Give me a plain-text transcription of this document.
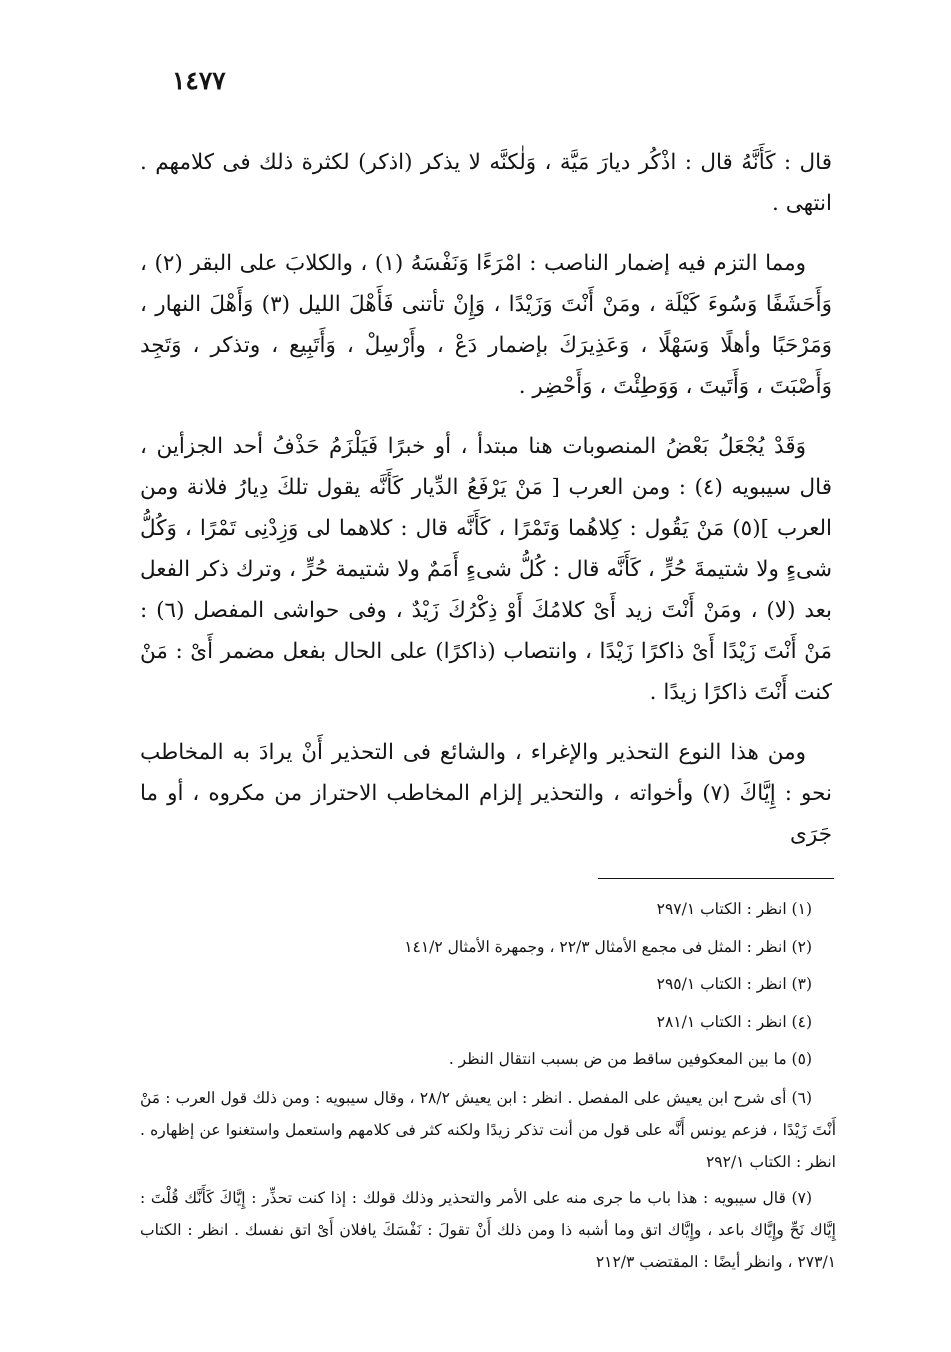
١٤٧٧

قال : كَأَنَّهُ قال : اذْكُر ديارَ مَيَّة ، وَلٰكنَّه لا يذكر (اذكر) لكثرة ذلك فى كلامهم . انتهى .

ومما التزم فيه إضمار الناصب : امْرَءًا وَنَفْسَهُ (١) ، والكلابَ على البقر (٢) ، وَأَحَشَفًا وَسُوءَ كَيْلَة ، ومَنْ أَنْتَ وَزَيْدًا ، وَإِنْ تأتنى فَأَهْلَ الليل (٣) وَأَهْلَ النهار ، وَمَرْحَبًا وأهلًا وَسَهْلًا ، وَعَذِيرَكَ بإضمار دَعْ ، وأَرْسِلْ ، وَأَتَبِيع ، وتذكر ، وَتَجِد وَأَصْبَتَ ، وَأَتَيتَ ، وَوَطِئْتَ ، وَأَحْضِر .

وَقَدْ يُجْعَلُ بَعْضُ المنصوبات هنا مبتدأ ، أو خبرًا فَيَلْزَمُ حَذْفُ أحد الجزأين ، قال سيبويه (٤) : ومن العرب [ مَنْ يَرْفَعُ الدِّيار كَأَنَّه يقول تلكَ دِيارُ فلانة ومن العرب ](٥) مَنْ يَقُول : كِلاهُما وَتَمْرًا ، كَأَنَّه قال : كلاهما لى وَزِدْنِى تَمْرًا ، وَكُلُّ شىءٍ ولا شتيمةَ حُرٍّ ، كَأَنَّه قال : كُلُّ شىءٍ أَمَمٌ ولا شتيمة حُرٍّ ، وترك ذكر الفعل بعد (لا) ، ومَنْ أَنْتَ زيد أَىْ كلامُكَ أَوْ ذِكْرُكَ زَيْدٌ ، وفى حواشى المفصل (٦) : مَنْ أَنْتَ زَيْدًا أَىْ ذاكرًا زَيْدًا ، وانتصاب (ذاكرًا) على الحال بفعل مضمر أَىْ : مَنْ كنت أَنْتَ ذاكرًا زيدًا .

ومن هذا النوع التحذير والإغراء ، والشائع فى التحذير أَنْ يرادَ به المخاطب نحو : إِيَّاكَ (٧) وأخواته ، والتحذير إلزام المخاطب الاحتراز من مكروه ، أو ما جَرَى

(١) انظر : الكتاب ٢٩٧/١
(٢) انظر : المثل فى مجمع الأمثال ٢٢/٣ ، وجمهرة الأمثال ١٤١/٢
(٣) انظر : الكتاب ٢٩٥/١
(٤) انظر : الكتاب ٢٨١/١
(٥) ما بين المعكوفين ساقط من ض بسبب انتقال النظر .
(٦) أى شرح ابن يعيش على المفصل . انظر : ابن يعيش ٢٨/٢ ، وقال سيبويه : ومن ذلك قول العرب : مَنْ أَنْتَ زَيْدًا ، فزعم يونس أَنَّه على قول من أنت تذكر زيدًا ولكنه كثر فى كلامهم واستعمل واستغنوا عن إظهاره . انظر : الكتاب ٢٩٢/١
(٧) قال سيبويه : هذا باب ما جرى منه على الأمر والتحذير وذلك قولك : إذا كنت تحذِّر : إِيَّاكَ كَأَنَّك قُلْتَ : إِيَّاك نَحِّ وإِيَّاك باعد ، وإِيَّاك اتق وما أشبه ذا ومن ذلك أَنْ تقولَ : نَفْسَكَ يافلان أَىْ اتق نفسك . انظر : الكتاب ٢٧٣/١ ، وانظر أيضًا : المقتضب ٢١٢/٣
